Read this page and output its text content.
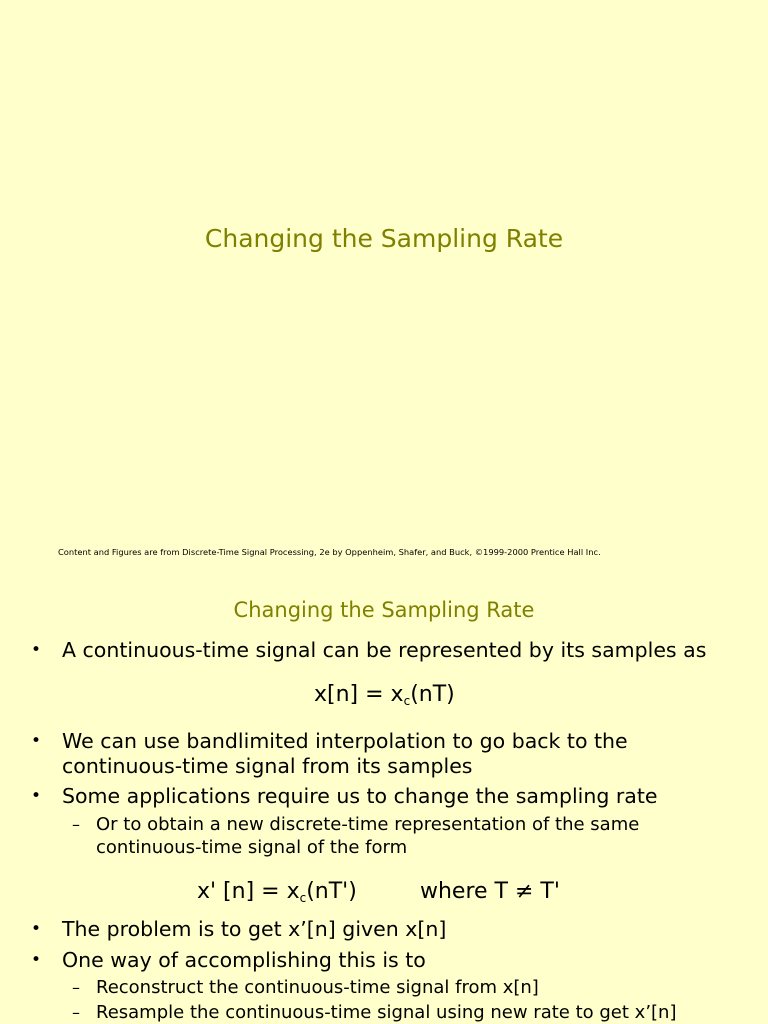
Changing the Sampling Rate
Content and Figures are from Discrete-Time Signal Processing, 2e by Oppenheim, Shafer, and Buck, ©1999-2000 Prentice Hall Inc.
Changing the Sampling Rate
• A continuous-time signal can be represented by its samples as
$x[n] = x_c(nT)$
• We can use bandlimited interpolation to go back to the
continuous-time signal from its samples
• Some applications require us to change the sampling rate
– Or to obtain a new discrete-time representation of the same
continuous-time signal of the form
x' $[n] = x_c(nT')$	where T ≠ T'
• The problem is to get x’[n] given x[n]
• One way of accomplishing this is to
– Reconstruct the continuous-time signal from x[n]
– Resample the continuous-time signal using new rate to get x’[n]
